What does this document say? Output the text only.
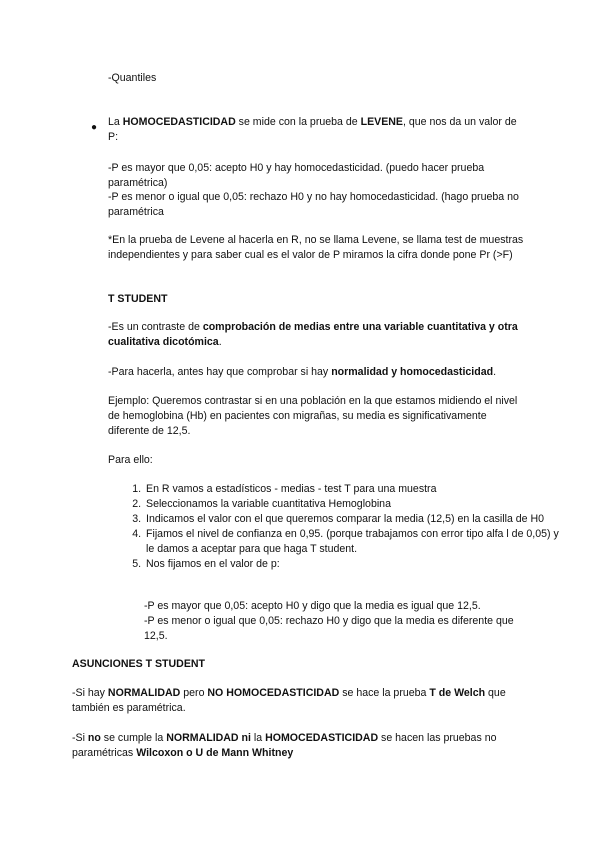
-Quantiles

● La HOMOCEDASTICIDAD se mide con la prueba de LEVENE, que nos da un valor de P:

-P es mayor que 0,05: acepto H0 y hay homocedasticidad. (puedo hacer prueba paramétrica)

-P es menor o igual que 0,05: rechazo H0 y no hay homocedasticidad. (hago prueba no paramétrica

*En la prueba de Levene al hacerla en R, no se llama Levene, se llama test de muestras independientes y para saber cual es el valor de P miramos la cifra donde pone Pr (>F)

T STUDENT

-Es un contraste de comprobación de medias entre una variable cuantitativa y otra cualitativa dicotómica.

-Para hacerla, antes hay que comprobar si hay normalidad y homocedasticidad.

Ejemplo: Queremos contrastar si en una población en la que estamos midiendo el nivel de hemoglobina (Hb) en pacientes con migrañas, su media es significativamente diferente de 12,5.

Para ello:

1. En R vamos a estadísticos - medias - test T para una muestra
2. Seleccionamos la variable cuantitativa Hemoglobina
3. Indicamos el valor con el que queremos comparar la media (12,5) en la casilla de H0
4. Fijamos el nivel de confianza en 0,95. (porque trabajamos con error tipo alfa l de 0,05) y le damos a aceptar para que haga T student.
5. Nos fijamos en el valor de p:

-P es mayor que 0,05: acepto H0 y digo que la media es igual que 12,5.

-P es menor o igual que 0,05: rechazo H0 y digo que la media es diferente que 12,5.

ASUNCIONES T STUDENT

-Si hay NORMALIDAD pero NO HOMOCEDASTICIDAD se hace la prueba T de Welch que también es paramétrica.

-Si no se cumple la NORMALIDAD ni la HOMOCEDASTICIDAD se hacen las pruebas no paramétricas Wilcoxon o U de Mann Whitney
